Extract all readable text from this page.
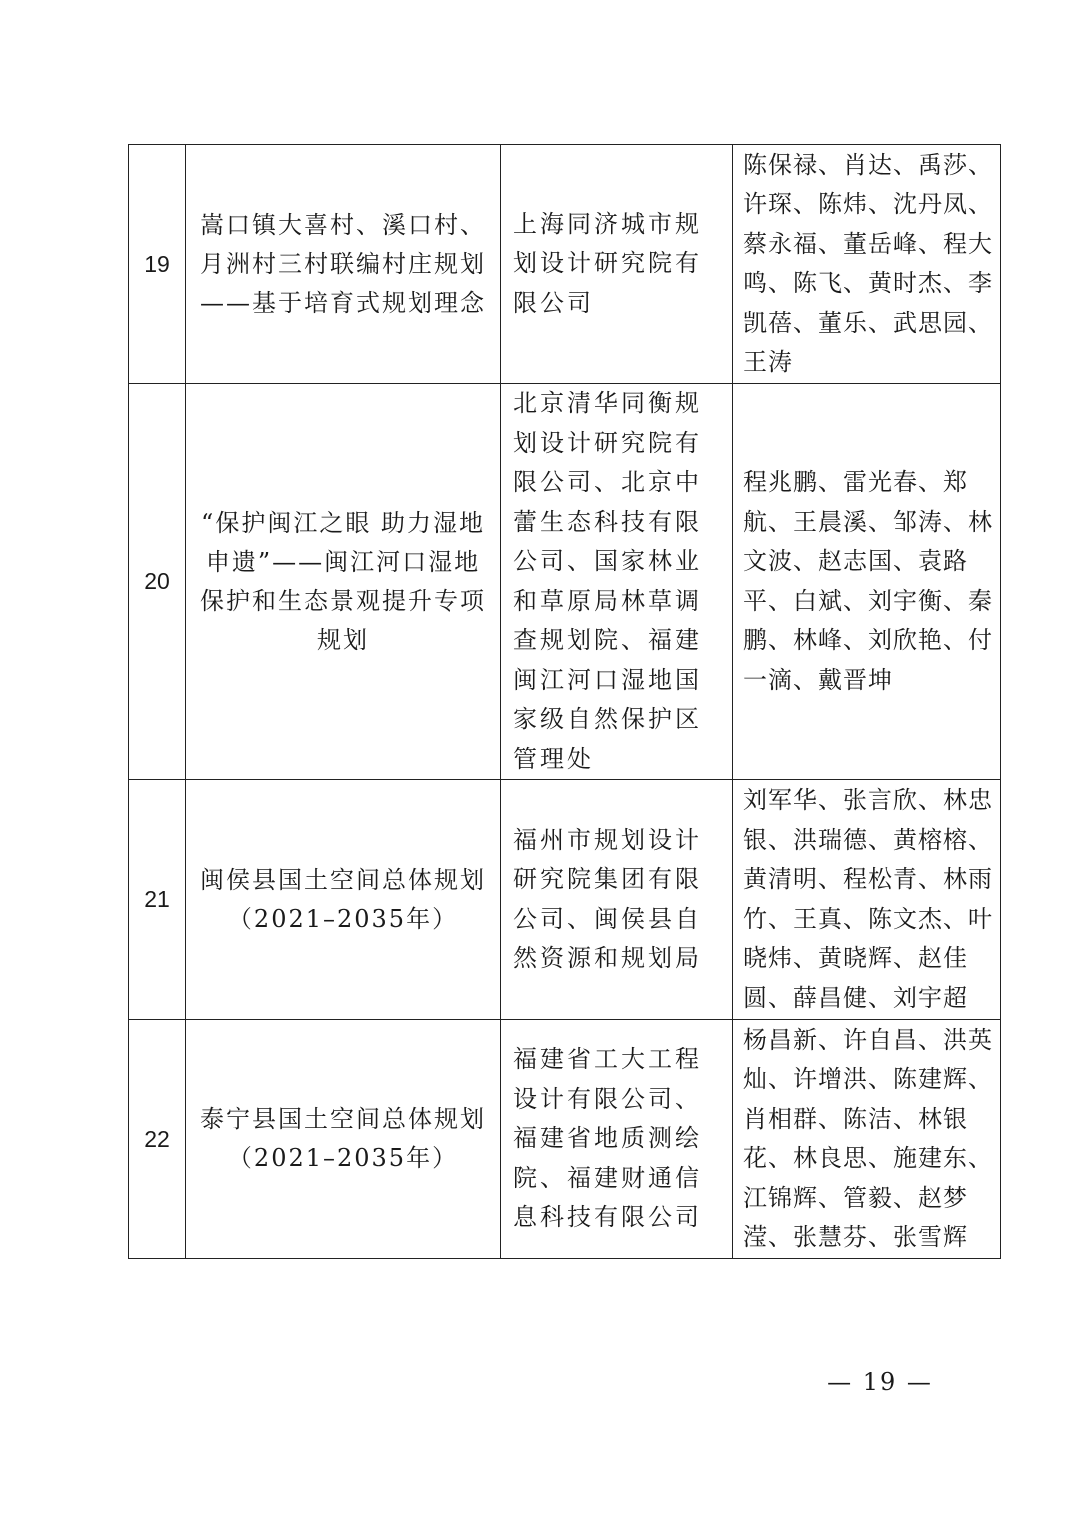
19	嵩口镇大喜村、溪口村、月洲村三村联编村庄规划——基于培育式规划理念	上海同济城市规划设计研究院有限公司	陈保禄、肖达、禹莎、许琛、陈炜、沈丹凤、蔡永福、董岳峰、程大鸣、陈飞、黄时杰、李凯蓓、董乐、武思园、王涛
20	“保护闽江之眼 助力湿地申遗”——闽江河口湿地保护和生态景观提升专项规划	北京清华同衡规划设计研究院有限公司、北京中蕾生态科技有限公司、国家林业和草原局林草调查规划院、福建闽江河口湿地国家级自然保护区管理处	程兆鹏、雷光春、郑航、王晨溪、邹涛、林文波、赵志国、袁路平、白斌、刘宇衡、秦鹏、林峰、刘欣艳、付一滴、戴晋坤
21	闽侯县国土空间总体规划（2021–2035年）	福州市规划设计研究院集团有限公司、闽侯县自然资源和规划局	刘军华、张言欣、林忠银、洪瑞德、黄榕榕、黄清明、程松青、林雨竹、王真、陈文杰、叶晓炜、黄晓辉、赵佳圆、薛昌健、刘宇超
22	泰宁县国土空间总体规划（2021–2035年）	福建省工大工程设计有限公司、福建省地质测绘院、福建财通信息科技有限公司	杨昌新、许自昌、洪英灿、许增洪、陈建辉、肖相群、陈洁、林银花、林良思、施建东、江锦辉、管毅、赵梦滢、张慧芬、张雪辉
— 19 —
